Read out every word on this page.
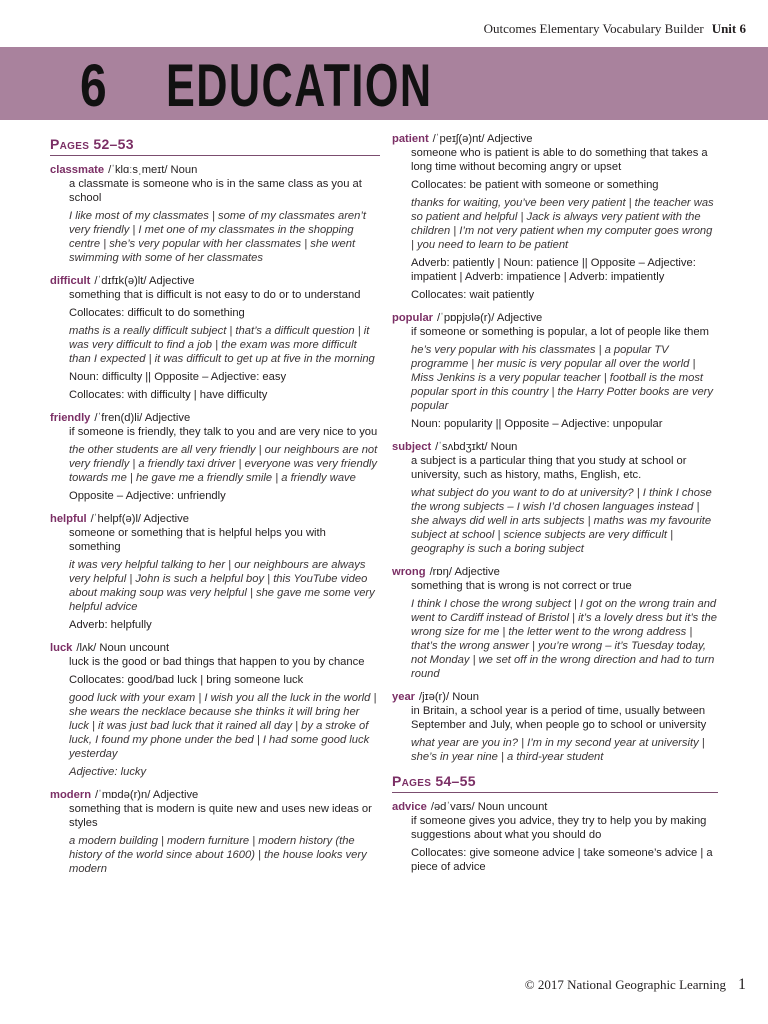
Outcomes Elementary Vocabulary Builder Unit 6
6 EDUCATION
Pages 52–53
classmate /ˈklɑːsˌmeɪt/ Noun

a classmate is someone who is in the same class as you at school

I like most of my classmates | some of my classmates aren’t very friendly | I met one of my classmates in the shopping centre | she’s very popular with her classmates | she went swimming with some of her classmates

difficult /ˈdɪfɪk(ə)lt/ Adjective

something that is difficult is not easy to do or to understand

Collocates: difficult to do something

maths is a really difficult subject | that’s a difficult question | it was very difficult to find a job | the exam was more difficult than I expected | it was difficult to get up at five in the morning

Noun: difficulty || Opposite – Adjective: easy

Collocates: with difficulty | have difficulty

friendly /ˈfren(d)li/ Adjective

if someone is friendly, they talk to you and are very nice to you

the other students are all very friendly | our neighbours are not very friendly | a friendly taxi driver | everyone was very friendly towards me | he gave me a friendly smile | a friendly wave

Opposite – Adjective: unfriendly

helpful /ˈhelpf(ə)l/ Adjective

someone or something that is helpful helps you with something

it was very helpful talking to her | our neighbours are always very helpful | John is such a helpful boy | this YouTube video about making soup was very helpful | she gave me some very helpful advice

Adverb: helpfully

luck /lʌk/ Noun uncount

luck is the good or bad things that happen to you by chance

Collocates: good/bad luck | bring someone luck

good luck with your exam | I wish you all the luck in the world | she wears the necklace because she thinks it will bring her luck | it was just bad luck that it rained all day | by a stroke of luck, I found my phone under the bed | I had some good luck yesterday

Adjective: lucky

modern /ˈmɒdə(r)n/ Adjective

something that is modern is quite new and uses new ideas or styles

a modern building | modern furniture | modern history (the history of the world since about 1600) | the house looks very modern

patient /ˈpeɪʃ(ə)nt/ Adjective

someone who is patient is able to do something that takes a long time without becoming angry or upset

Collocates: be patient with someone or something

thanks for waiting, you’ve been very patient | the teacher was so patient and helpful | Jack is always very patient with the children | I’m not very patient when my computer goes wrong | you need to learn to be patient

Adverb: patiently | Noun: patience || Opposite – Adjective: impatient | Adverb: impatience | Adverb: impatiently

Collocates: wait patiently

popular /ˈpɒpjʊlə(r)/ Adjective

if someone or something is popular, a lot of people like them

he’s very popular with his classmates | a popular TV programme | her music is very popular all over the world | Miss Jenkins is a very popular teacher | football is the most popular sport in this country | the Harry Potter books are very popular

Noun: popularity || Opposite – Adjective: unpopular

subject /ˈsʌbdʒɪkt/ Noun

a subject is a particular thing that you study at school or university, such as history, maths, English, etc.

what subject do you want to do at university? | I think I chose the wrong subjects – I wish I’d chosen languages instead | she always did well in arts subjects | maths was my favourite subject at school | science subjects are very difficult | geography is such a boring subject

wrong /rɒŋ/ Adjective

something that is wrong is not correct or true

I think I chose the wrong subject | I got on the wrong train and went to Cardiff instead of Bristol | it’s a lovely dress but it’s the wrong size for me | the letter went to the wrong address | that’s the wrong answer | you’re wrong – it’s Tuesday today, not Monday | we set off in the wrong direction and had to turn round

year /jɪə(r)/ Noun

in Britain, a school year is a period of time, usually between September and July, when people go to school or university

what year are you in? | I’m in my second year at university | she’s in year nine | a third-year student

Pages 54–55
advice /ədˈvaɪs/ Noun uncount

if someone gives you advice, they try to help you by making suggestions about what you should do

Collocates: give someone advice | take someone’s advice | a piece of advice

© 2017 National Geographic Learning 1
